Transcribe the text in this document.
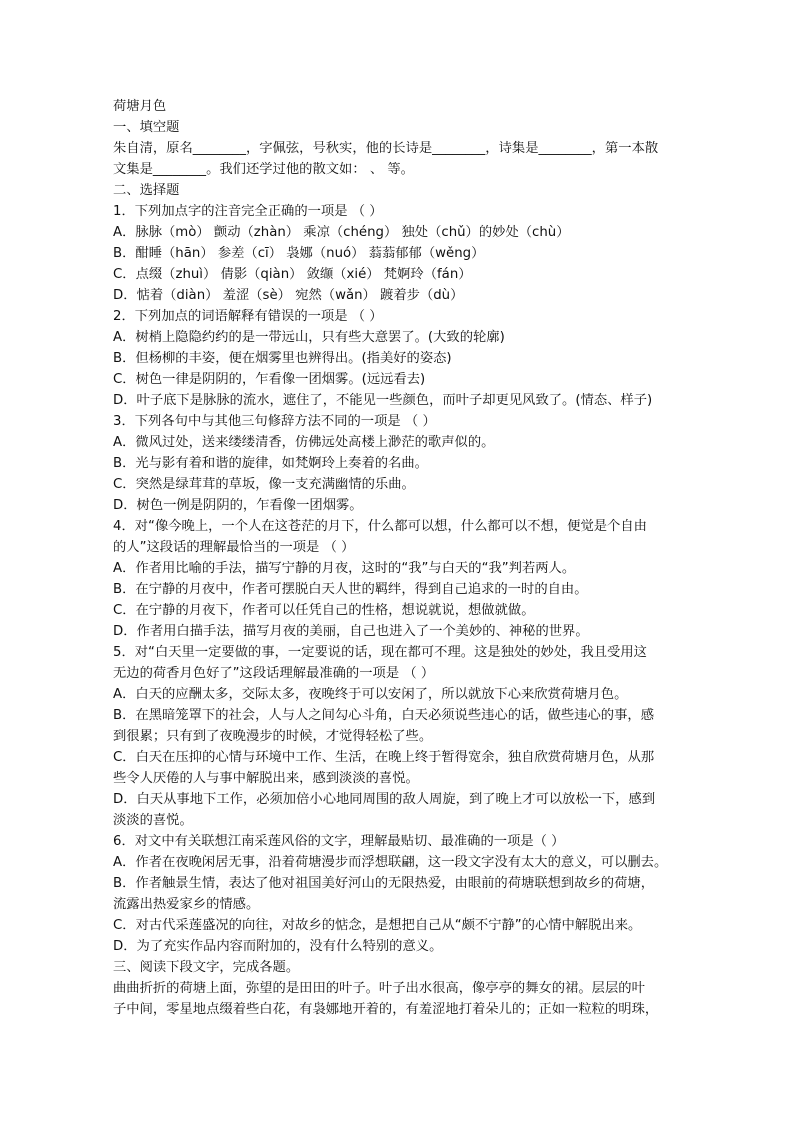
荷塘月色
一、填空题
朱自清，原名________，字佩弦，号秋实，他的长诗是________，诗集是________，第一本散
文集是________。我们还学过他的散文如： 、 等。
二、选择题
1．下列加点字的注音完全正确的一项是 （ ）
A．脉脉（mò） 颤动（zhàn） 乘凉（chéng） 独处（chǔ）的妙处（chù）
B．酣睡（hān） 参差（cī） 袅娜（nuó） 蓊蓊郁郁（wěng）
C．点缀（zhuì） 倩影（qiàn） 敛缬（xié） 梵婀玲（fán）
D．惦着（diàn） 羞涩（sè） 宛然（wǎn） 踱着步（dù）
2．下列加点的词语解释有错误的一项是 （ ）
A．树梢上隐隐约约的是一带远山，只有些大意罢了。(大致的轮廓)
B．但杨柳的丰姿，便在烟雾里也辨得出。(指美好的姿态)
C．树色一律是阴阴的，乍看像一团烟雾。(远远看去)
D．叶子底下是脉脉的流水，遮住了，不能见一些颜色，而叶子却更见风致了。(情态、样子)
3．下列各句中与其他三句修辞方法不同的一项是 （ ）
A．微风过处，送来缕缕清香，仿佛远处高楼上渺茫的歌声似的。
B．光与影有着和谐的旋律，如梵婀玲上奏着的名曲。
C．突然是绿茸茸的草坂，像一支充满幽情的乐曲。
D．树色一例是阴阴的，乍看像一团烟雾。
4．对“像今晚上，一个人在这苍茫的月下，什么都可以想，什么都可以不想，便觉是个自由
的人”这段话的理解最恰当的一项是 （ ）
A．作者用比喻的手法，描写宁静的月夜，这时的“我”与白天的“我”判若两人。
B．在宁静的月夜中，作者可摆脱白天人世的羁绊，得到自己追求的一时的自由。
C．在宁静的月夜下，作者可以任凭自己的性格，想说就说，想做就做。
D．作者用白描手法，描写月夜的美丽，自己也进入了一个美妙的、神秘的世界。
5．对“白天里一定要做的事，一定要说的话，现在都可不理。这是独处的妙处，我且受用这
无边的荷香月色好了”这段话理解最准确的一项是 （ ）
A．白天的应酬太多，交际太多，夜晚终于可以安闲了，所以就放下心来欣赏荷塘月色。
B．在黑暗笼罩下的社会，人与人之间勾心斗角，白天必须说些违心的话，做些违心的事，感
到很累；只有到了夜晚漫步的时候，才觉得轻松了些。
C．白天在压抑的心情与环境中工作、生活，在晚上终于暂得宽余，独自欣赏荷塘月色，从那
些令人厌倦的人与事中解脱出来，感到淡淡的喜悦。
D．白天从事地下工作，必须加倍小心地同周围的敌人周旋，到了晚上才可以放松一下，感到
淡淡的喜悦。
6．对文中有关联想江南采莲风俗的文字，理解最贴切、最准确的一项是（ ）
A．作者在夜晚闲居无事，沿着荷塘漫步而浮想联翩，这一段文字没有太大的意义，可以删去。
B．作者触景生情，表达了他对祖国美好河山的无限热爱，由眼前的荷塘联想到故乡的荷塘，
流露出热爱家乡的情感。
C．对古代采莲盛况的向往，对故乡的惦念，是想把自己从“颇不宁静”的心情中解脱出来。
D．为了充实作品内容而附加的，没有什么特别的意义。
三、阅读下段文字，完成各题。
曲曲折折的荷塘上面，弥望的是田田的叶子。叶子出水很高，像亭亭的舞女的裙。层层的叶
子中间，零星地点缀着些白花，有袅娜地开着的，有羞涩地打着朵儿的；正如一粒粒的明珠，
